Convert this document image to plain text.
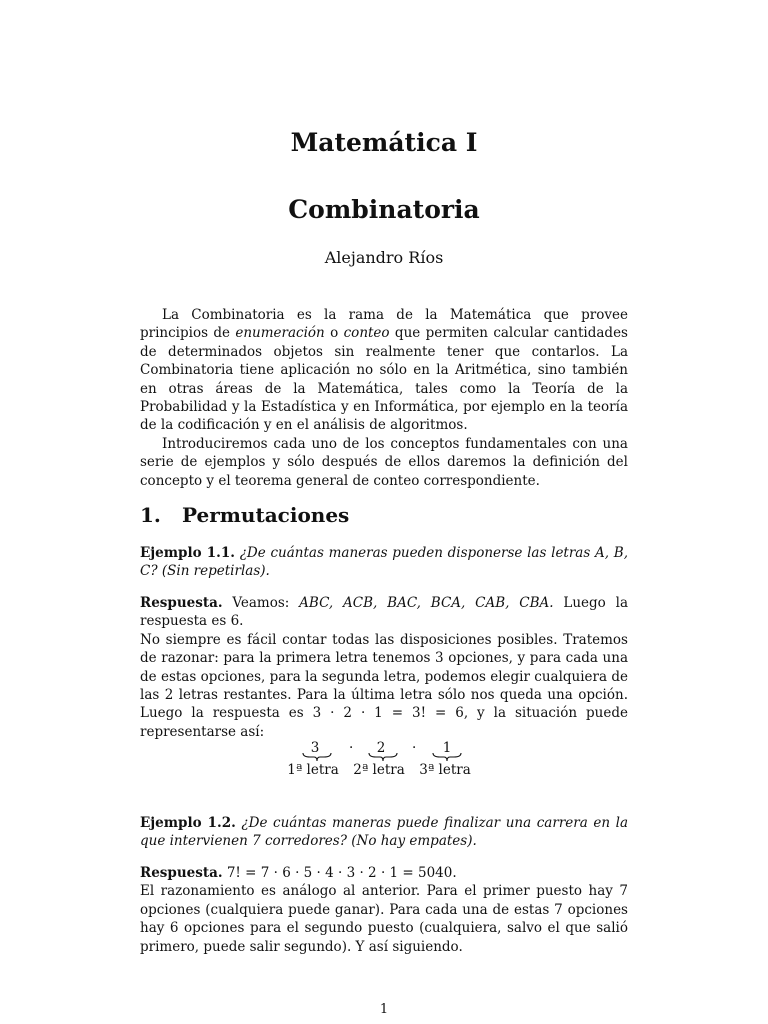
Matemática I
Combinatoria
Alejandro Ríos

La Combinatoria es la rama de la Matemática que provee principios de enumeración o conteo que permiten calcular cantidades de determinados objetos sin realmente tener que contarlos. La Combinatoria tiene aplicación no sólo en la Aritmética, sino también en otras áreas de la Matemática, tales como la Teoría de la Probabilidad y la Estadística y en Informática, por ejemplo en la teoría de la codificación y en el análisis de algoritmos.

Introduciremos cada uno de los conceptos fundamentales con una serie de ejemplos y sólo después de ellos daremos la definición del concepto y el teorema general de conteo correspondiente.

1. Permutaciones

Ejemplo 1.1. ¿De cuántas maneras pueden disponerse las letras A, B, C? (Sin repetirlas).

Respuesta. Veamos: ABC, ACB, BAC, BCA, CAB, CBA. Luego la respuesta es 6.

No siempre es fácil contar todas las disposiciones posibles. Tratemos de razonar: para la primera letra tenemos 3 opciones, y para cada una de estas opciones, para la segunda letra, podemos elegir cualquiera de las 2 letras restantes. Para la última letra sólo nos queda una opción. Luego la respuesta es 3 · 2 · 1 = 3! = 6, y la situación puede representarse así:

3	·	2	·	1
1ª letra	2ª letra	3ª letra

Ejemplo 1.2. ¿De cuántas maneras puede finalizar una carrera en la que intervienen 7 corredores? (No hay empates).

Respuesta. 7! = 7 · 6 · 5 · 4 · 3 · 2 · 1 = 5040.

El razonamiento es análogo al anterior. Para el primer puesto hay 7 opciones (cualquiera puede ganar). Para cada una de estas 7 opciones hay 6 opciones para el segundo puesto (cualquiera, salvo el que salió primero, puede salir segundo). Y así siguiendo.

1
